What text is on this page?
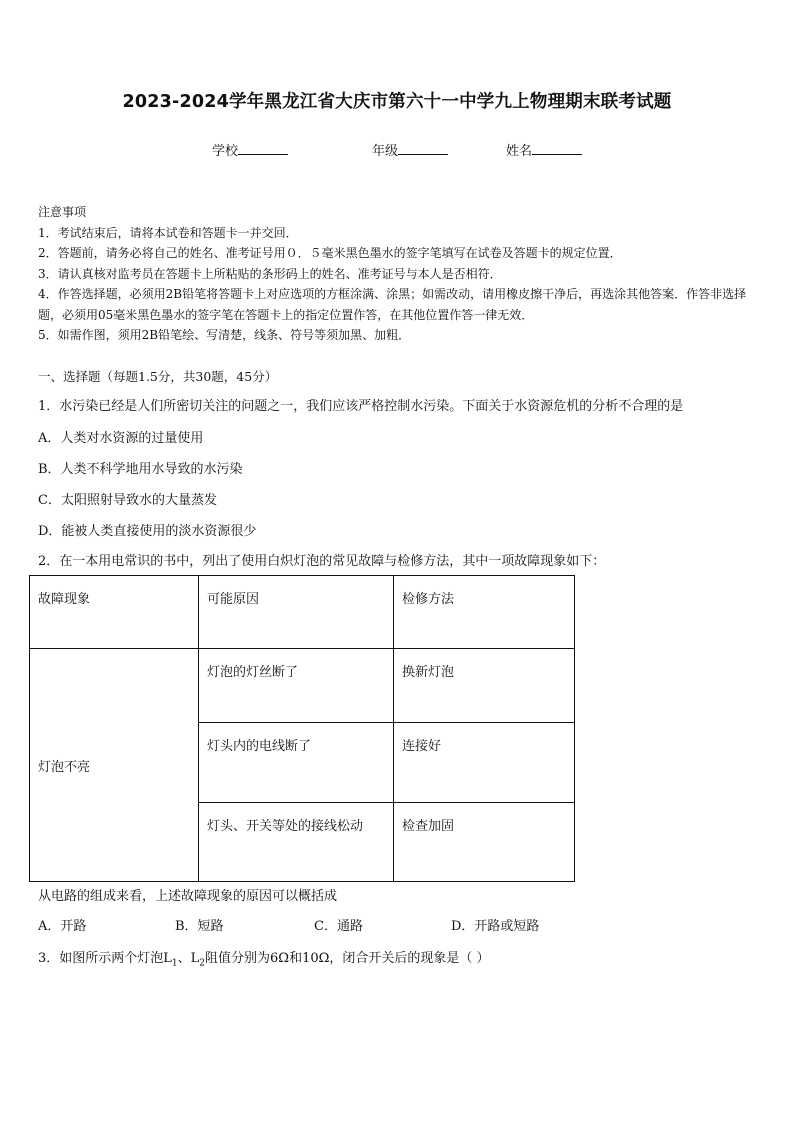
2023-2024学年黑龙江省大庆市第六十一中学九上物理期末联考试题
学校	年级	姓名
注意事项
1．考试结束后，请将本试卷和答题卡一并交回．
2．答题前，请务必将自己的姓名、准考证号用０．５毫米黑色墨水的签字笔填写在试卷及答题卡的规定位置．
3．请认真核对监考员在答题卡上所粘贴的条形码上的姓名、准考证号与本人是否相符．
4．作答选择题，必须用2B铅笔将答题卡上对应选项的方框涂满、涂黑；如需改动，请用橡皮擦干净后，再选涂其他答案．作答非选择题，必须用05毫米黑色墨水的签字笔在答题卡上的指定位置作答，在其他位置作答一律无效．
5．如需作图，须用2B铅笔绘、写清楚，线条、符号等须加黑、加粗．
一、选择题（每题1.5分，共30题，45分）
1．水污染已经是人们所密切关注的问题之一，我们应该严格控制水污染。下面关于水资源危机的分析不合理的是
A．人类对水资源的过量使用
B．人类不科学地用水导致的水污染
C．太阳照射导致水的大量蒸发
D．能被人类直接使用的淡水资源很少
2．在一本用电常识的书中，列出了使用白炽灯泡的常见故障与检修方法，其中一项故障现象如下：
故障现象	可能原因	检修方法
灯泡不亮	灯泡的灯丝断了	换新灯泡
	灯头内的电线断了	连接好
	灯头、开关等处的接线松动	检查加固
从电路的组成来看，上述故障现象的原因可以概括成
A．开路	B．短路	C．通路	D．开路或短路
3．如图所示两个灯泡$L_1$、$L_2$阻值分别为6Ω和10Ω，闭合开关后的现象是（ ）
